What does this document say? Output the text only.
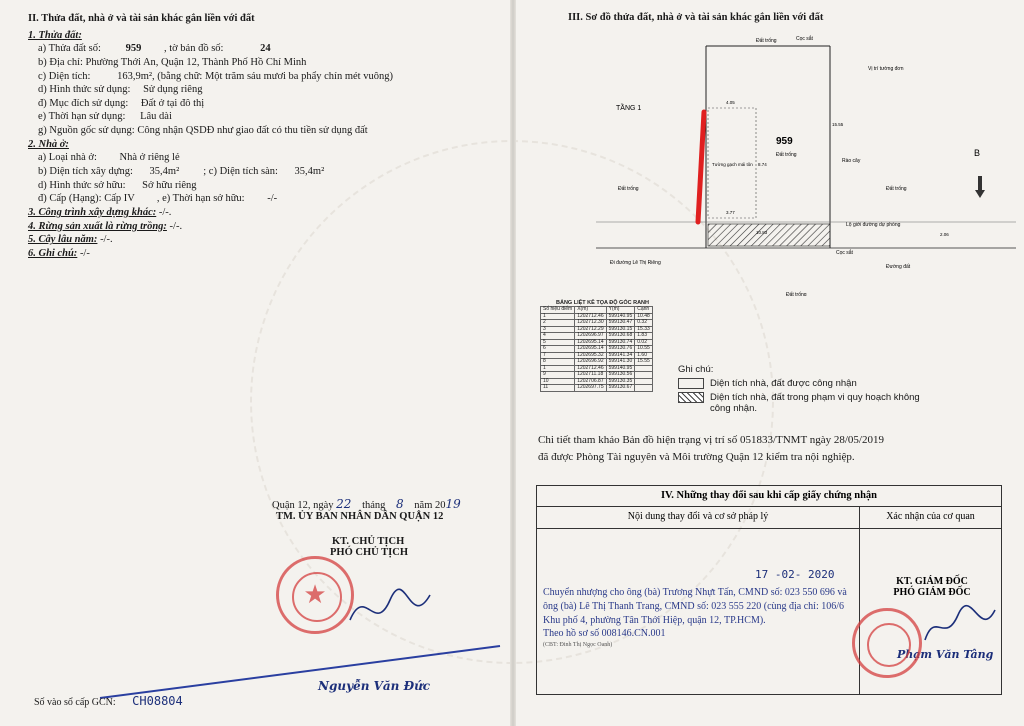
II. Thửa đất, nhà ở và tài sản khác gắn liền với đất
1. Thửa đất:
a) Thửa đất số: 959 , tờ bản đồ số:	24
b) Địa chỉ: Phường Thới An, Quận 12, Thành Phố Hồ Chí Minh
c) Diện tích:	163,9m², (bằng chữ: Một trăm sáu mươi ba phẩy chín mét vuông)
d) Hình thức sử dụng: Sử dụng riêng
đ) Mục đích sử dụng: Đất ở tại đô thị
e) Thời hạn sử dụng: Lâu dài
g) Nguồn gốc sử dụng: Công nhận QSDĐ như giao đất có thu tiền sử dụng đất
2. Nhà ở:
a) Loại nhà ở: Nhà ở riêng lẻ
b) Diện tích xây dựng: 35,4m² ; c) Diện tích sàn: 35,4m²
d) Hình thức sở hữu: Sở hữu riêng
đ) Cấp (Hạng): Cấp IV , e) Thời hạn sở hữu: -/-
3. Công trình xây dựng khác: -/-.
4. Rừng sản xuất là rừng trồng: -/-.
5. Cây lâu năm: -/-.
6. Ghi chú: -/-
Quận 12, ngày 22 tháng 8 năm 2019
TM. ỦY BAN NHÂN DÂN QUẬN 12
KT. CHỦ TỊCH
PHÓ CHỦ TỊCH
★
Nguyễn Văn Đức
Số vào sổ cấp GCN: CH08804
III. Sơ đồ thửa đất, nhà ở và tài sản khác gắn liền với đất
TẦNG 1
959
Đất trống
Đất trống	Cọc sắt
Vị trí tường đơn
Rào cây
Đất trống	Đất trống
Lộ giới đường dự phòng
Cọc sắt
Đi đường Lê Thị Riêng
Đường đất
Đất trống
Tường gạch mái tôn
B
4.05
8.74
3.77
15.55
10.83	2.06
BẢNG LIỆT KÊ TỌA ĐỘ GÓC RANH
Số hiệu điểm	X(m)	Y(m)	Cạnh
1	1202712.46	599140.95	10.48
2	1202712.30	599130.47	0.32
3	1202712.29	599130.15	15.33
4	1202696.97	599130.68	1.83
5	1202695.14	599130.74	0.02
6	1202695.14	599130.76	10.55
7	1202695.32	599141.34	1.60
8	1202696.92	599141.30	15.55
1	1202712.46	599140.95	
9	1202711.18	599130.56	
10	1202706.87	599130.35	
11	1202697.75	599130.67	
Ghi chú:
Diện tích nhà, đất được công nhận
Diện tích nhà, đất trong phạm vi quy hoạch không công nhận.
Chi tiết tham khảo Bản đồ hiện trạng vị trí số 051833/TNMT ngày 28/05/2019
đã được Phòng Tài nguyên và Môi trường Quận 12 kiểm tra nội nghiệp.
IV. Những thay đổi sau khi cấp giấy chứng nhận
Nội dung thay đổi và cơ sở pháp lý	Xác nhận của cơ quan
17 -02- 2020
Chuyển nhượng cho ông (bà) Trương Nhựt Tấn, CMND số: 023 550 696 và ông (bà) Lê Thị Thanh Trang, CMND số: 023 555 220 (cùng địa chỉ: 106/6 Khu phố 4, phường Tân Thới Hiệp, quận 12, TP.HCM).
Theo hồ sơ số 008146.CN.001
(CBT: Đinh Thị Ngọc Oanh)
KT. GIÁM ĐỐC
PHÓ GIÁM ĐỐC
Phạm Văn Tâng
